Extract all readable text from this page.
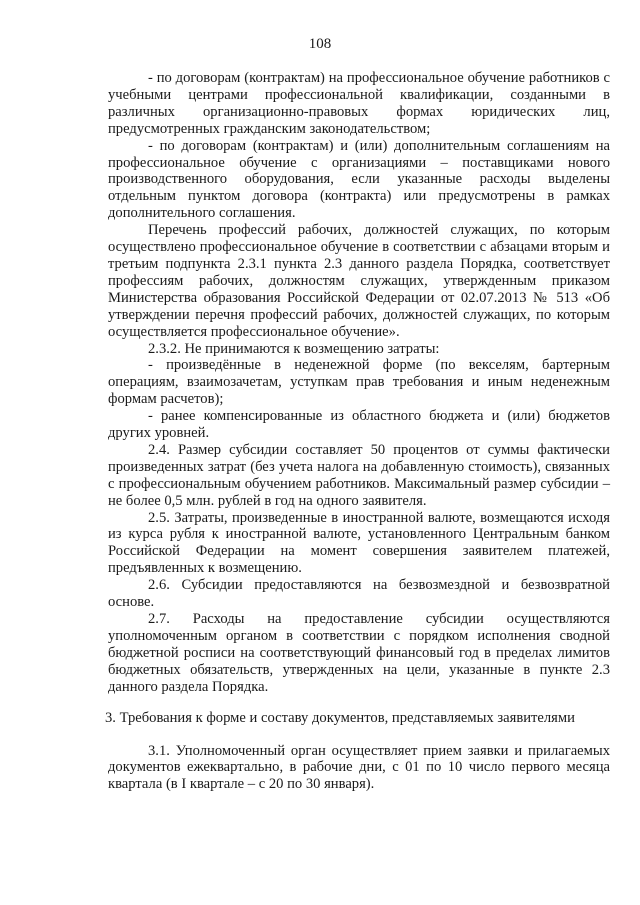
108

- по договорам (контрактам) на профессиональное обучение работников с учебными центрами профессиональной квалификации, созданными в различных организационно-правовых формах юридических лиц, предусмотренных гражданским законодательством;

- по договорам (контрактам) и (или) дополнительным соглашениям на профессиональное обучение с организациями – поставщиками нового производственного оборудования, если указанные расходы выделены отдельным пунктом договора (контракта) или предусмотрены в рамках дополнительного соглашения.

Перечень профессий рабочих, должностей служащих, по которым осуществлено профессиональное обучение в соответствии с абзацами вторым и третьим подпункта 2.3.1 пункта 2.3 данного раздела Порядка, соответствует профессиям рабочих, должностям служащих, утвержденным приказом Министерства образования Российской Федерации от 02.07.2013 № 513 «Об утверждении перечня профессий рабочих, должностей служащих, по которым осуществляется профессиональное обучение».

2.3.2. Не принимаются к возмещению затраты:

- произведённые в неденежной форме (по векселям, бартерным операциям, взаимозачетам, уступкам прав требования и иным неденежным формам расчетов);

- ранее компенсированные из областного бюджета и (или) бюджетов других уровней.

2.4. Размер субсидии составляет 50 процентов от суммы фактически произведенных затрат (без учета налога на добавленную стоимость), связанных с профессиональным обучением работников. Максимальный размер субсидии – не более 0,5 млн. рублей в год на одного заявителя.

2.5. Затраты, произведенные в иностранной валюте, возмещаются исходя из курса рубля к иностранной валюте, установленного Центральным банком Российской Федерации на момент совершения заявителем платежей, предъявленных к возмещению.

2.6. Субсидии предоставляются на безвозмездной и безвозвратной основе.

2.7. Расходы на предоставление субсидии осуществляются уполномоченным органом в соответствии с порядком исполнения сводной бюджетной росписи на соответствующий финансовый год в пределах лимитов бюджетных обязательств, утвержденных на цели, указанные в пункте 2.3 данного раздела Порядка.

3. Требования к форме и составу документов, представляемых заявителями

3.1. Уполномоченный орган осуществляет прием заявки и прилагаемых документов ежеквартально, в рабочие дни, с 01 по 10 число первого месяца квартала (в I квартале – с 20 по 30 января).
